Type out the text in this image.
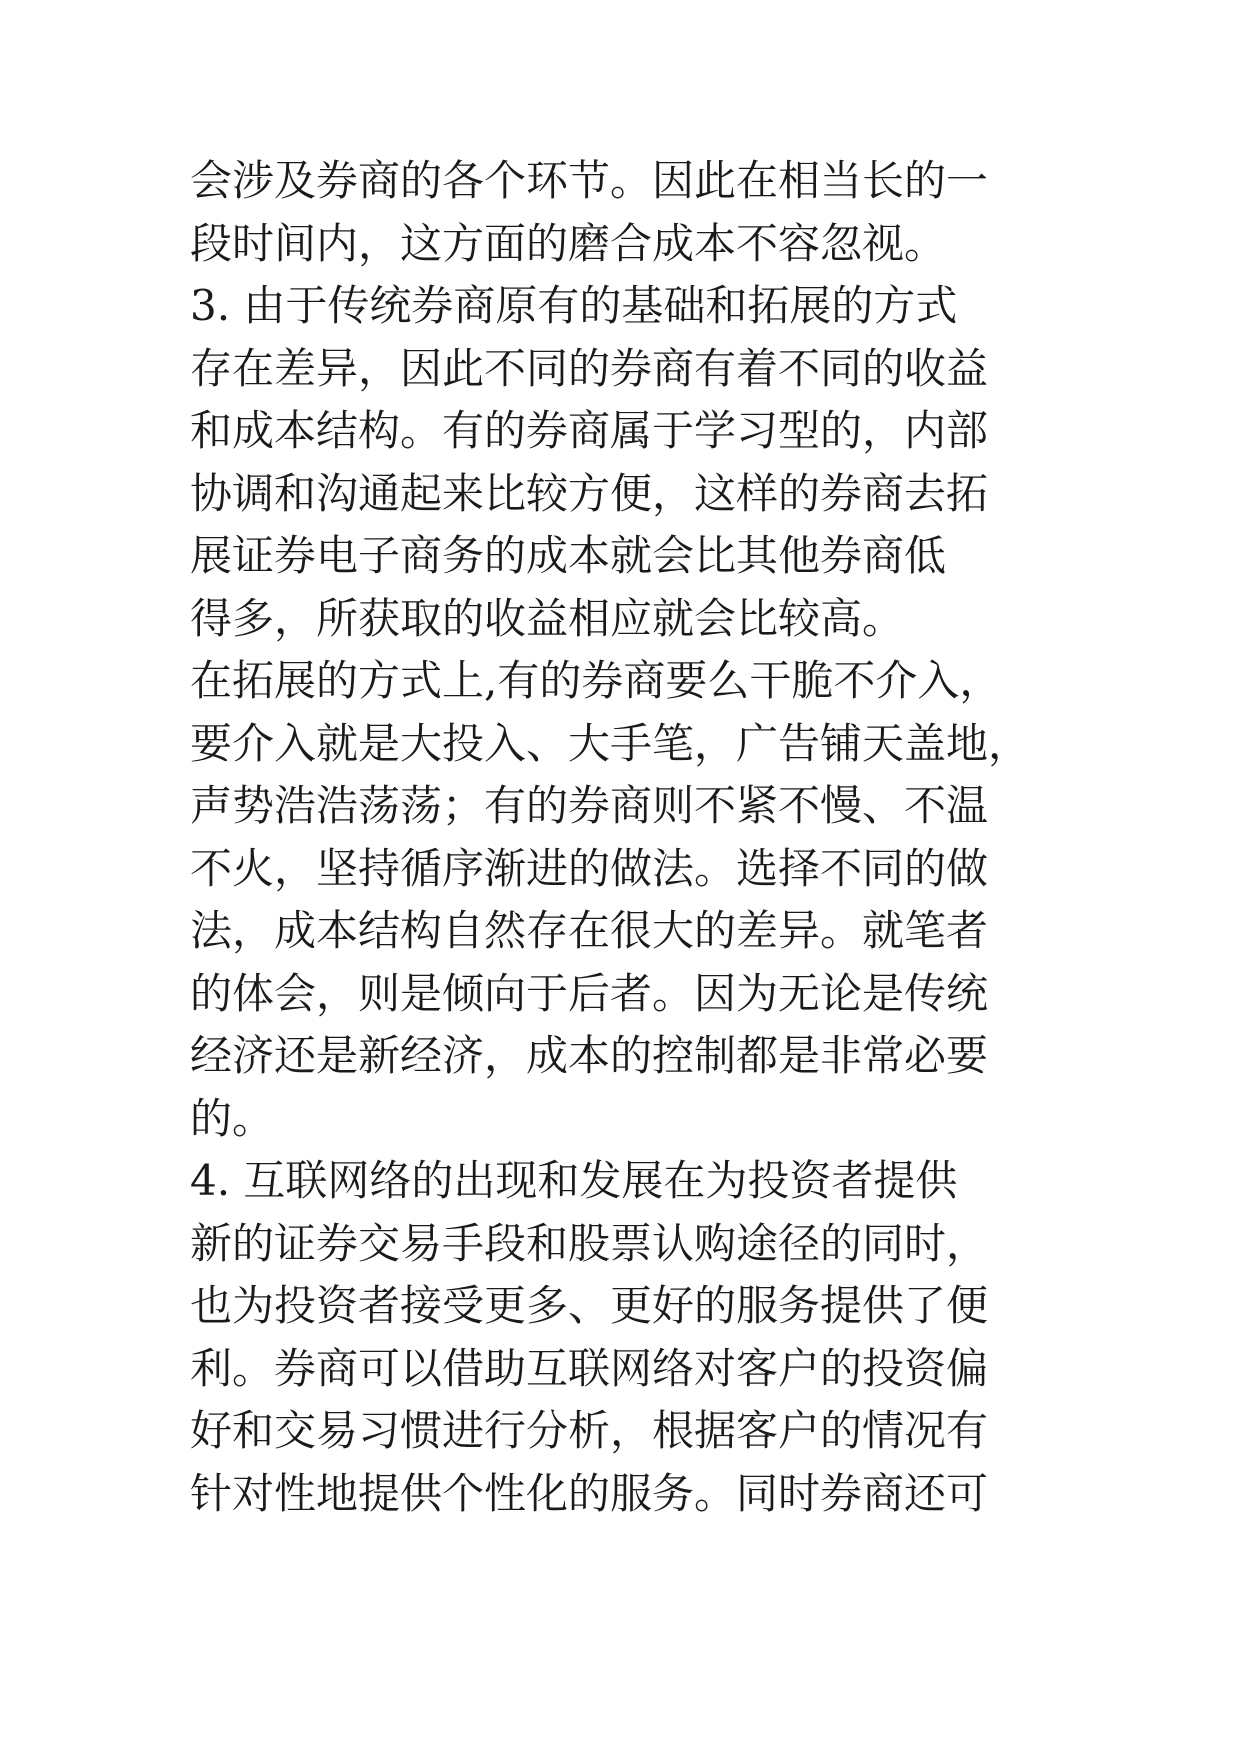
会涉及券商的各个环节。因此在相当长的一
段时间内，这方面的磨合成本不容忽视。
3. 由于传统券商原有的基础和拓展的方式
存在差异，因此不同的券商有着不同的收益
和成本结构。有的券商属于学习型的，内部
协调和沟通起来比较方便，这样的券商去拓
展证券电子商务的成本就会比其他券商低
得多，所获取的收益相应就会比较高。
在拓展的方式上,有的券商要么干脆不介入，
要介入就是大投入、大手笔，广告铺天盖地，
声势浩浩荡荡；有的券商则不紧不慢、不温
不火，坚持循序渐进的做法。选择不同的做
法，成本结构自然存在很大的差异。就笔者
的体会，则是倾向于后者。因为无论是传统
经济还是新经济，成本的控制都是非常必要
的。
4. 互联网络的出现和发展在为投资者提供
新的证券交易手段和股票认购途径的同时，
也为投资者接受更多、更好的服务提供了便
利。券商可以借助互联网络对客户的投资偏
好和交易习惯进行分析，根据客户的情况有
针对性地提供个性化的服务。同时券商还可
